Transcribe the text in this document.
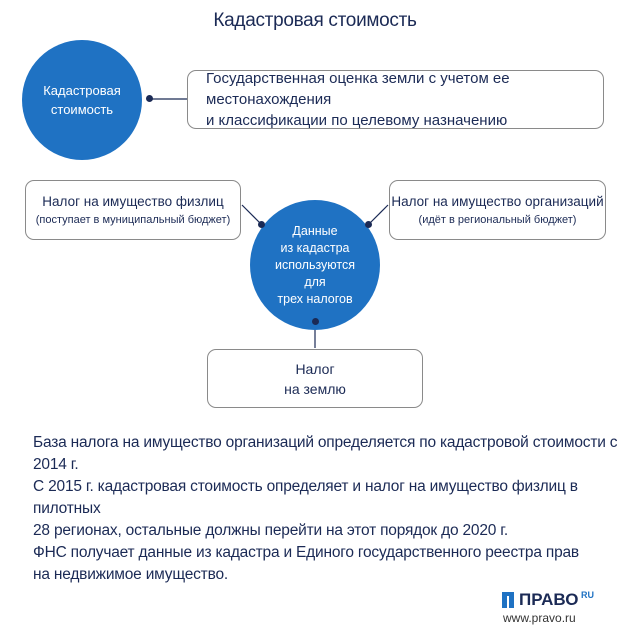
Кадастровая стоимость
Кадастровая
стоимость
Государственная оценка земли с учетом ее местонахождения
и классификации по целевому назначению
Налог на имущество физлиц
(поступает в муниципальный бюджет)
Налог на имущество организаций
(идёт в региональный бюджет)
Данные
из кадастра
используются
для
трех налогов
Налог
на землю
База налога на имущество организаций определяется по кадастровой стоимости с 2014 г.
С 2015 г. кадастровая стоимость определяет и налог на имущество физлиц в пилотных
28 регионах, остальные должны перейти на этот порядок до 2020 г.
ФНС получает данные из кадастра и Единого государственного реестра прав
на недвижимое имущество.
ПРАВО RU
www.pravo.ru
